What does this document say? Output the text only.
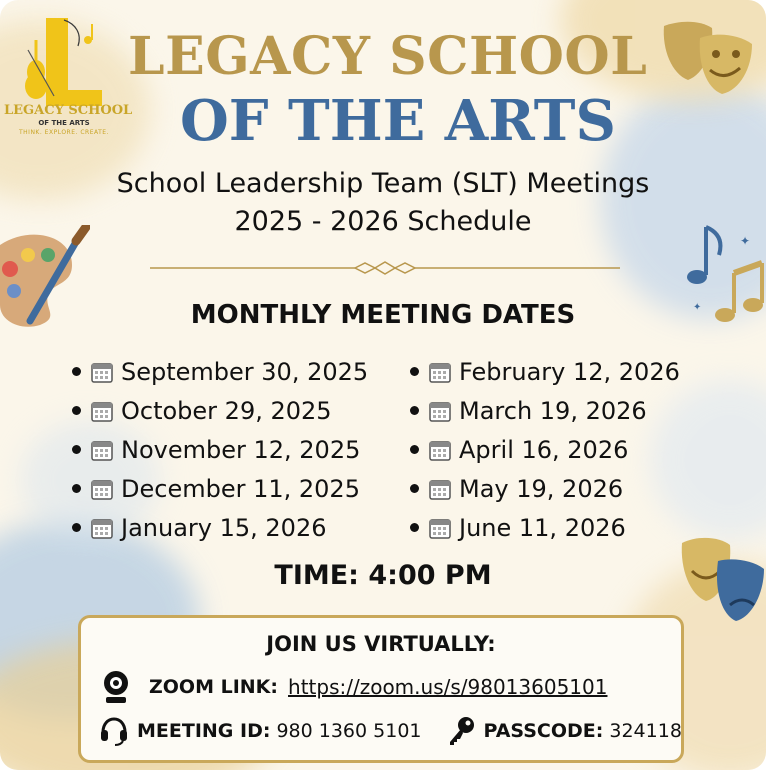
LEGACY SCHOOL
OF THE ARTS
THINK. EXPLORE. CREATE.
LEGACY SCHOOL
OF THE ARTS
School Leadership Team (SLT) Meetings
2025 - 2026 Schedule
✦
✦
MONTHLY MEETING DATES
September 30, 2025
October 29, 2025
November 12, 2025
December 11, 2025
January 15, 2026
February 12, 2026
March 19, 2026
April 16, 2026
May 19, 2026
June 11, 2026
TIME: 4:00 PM
JOIN US VIRTUALLY:
ZOOM LINK: https://zoom.us/s/98013605101
MEETING ID: 980 1360 5101	PASSCODE: 324118
